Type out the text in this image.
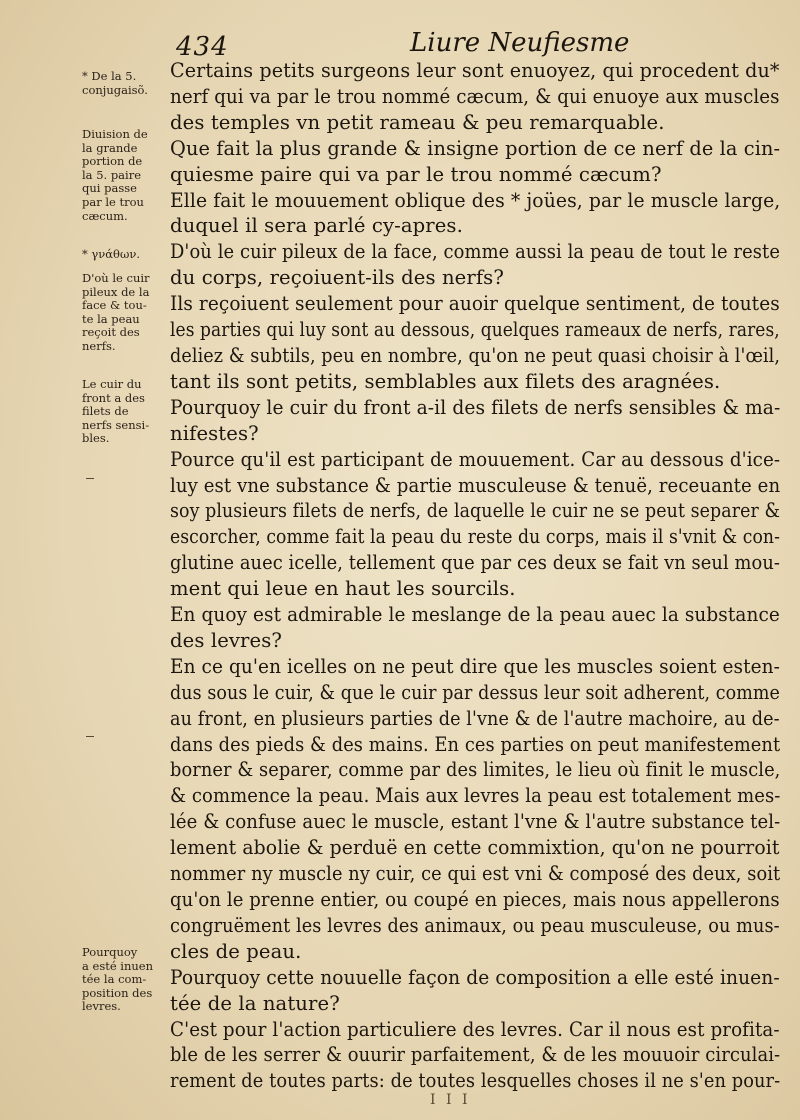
434	Liure Neufiesme
* De la 5.
conjugaisõ.
Diuision de
la grande
portion de
la 5. paire
qui passe
par le trou
cæcum.
* γνάθων.
D'où le cuir
pileux de la
face & tou-
te la peau
reçoit des
nerfs.
Le cuir du
front a des
filets de
nerfs sensi-
bles.
Pourquoy
a esté inuen
tée la com-
position des
levres.
Certains petits surgeons leur sont enuoyez, qui procedent du*
nerf qui va par le trou nommé cæcum, & qui enuoye aux muscles
des temples vn petit rameau & peu remarquable.
Que fait la plus grande & insigne portion de ce nerf de la cin-
quiesme paire qui va par le trou nommé cæcum?
Elle fait le mouuement oblique des * joües, par le muscle large,
duquel il sera parlé cy-apres.
D'où le cuir pileux de la face, comme aussi la peau de tout le reste
du corps, reçoiuent-ils des nerfs?
Ils reçoiuent seulement pour auoir quelque sentiment, de toutes
les parties qui luy sont au dessous, quelques rameaux de nerfs, rares,
deliez & subtils, peu en nombre, qu'on ne peut quasi choisir à l'œil,
tant ils sont petits, semblables aux filets des aragnées.
Pourquoy le cuir du front a-il des filets de nerfs sensibles & ma-
nifestes?
Pource qu'il est participant de mouuement. Car au dessous d'ice-
luy est vne substance & partie musculeuse & tenuë, receuante en
soy plusieurs filets de nerfs, de laquelle le cuir ne se peut separer &
escorcher, comme fait la peau du reste du corps, mais il s'vnit & con-
glutine auec icelle, tellement que par ces deux se fait vn seul mou-
ment qui leue en haut les sourcils.
En quoy est admirable le meslange de la peau auec la substance
des levres?
En ce qu'en icelles on ne peut dire que les muscles soient esten-
dus sous le cuir, & que le cuir par dessus leur soit adherent, comme
au front, en plusieurs parties de l'vne & de l'autre machoire, au de-
dans des pieds & des mains. En ces parties on peut manifestement
borner & separer, comme par des limites, le lieu où finit le muscle,
& commence la peau. Mais aux levres la peau est totalement mes-
lée & confuse auec le muscle, estant l'vne & l'autre substance tel-
lement abolie & perduë en cette commixtion, qu'on ne pourroit
nommer ny muscle ny cuir, ce qui est vni & composé des deux, soit
qu'on le prenne entier, ou coupé en pieces, mais nous appellerons
congruëment les levres des animaux, ou peau musculeuse, ou mus-
cles de peau.
Pourquoy cette nouuelle façon de composition a elle esté inuen-
tée de la nature?
C'est pour l'action particuliere des levres. Car il nous est profita-
ble de les serrer & ouurir parfaitement, & de les mouuoir circulai-
rement de toutes parts: de toutes lesquelles choses il ne s'en pour-
I I I
